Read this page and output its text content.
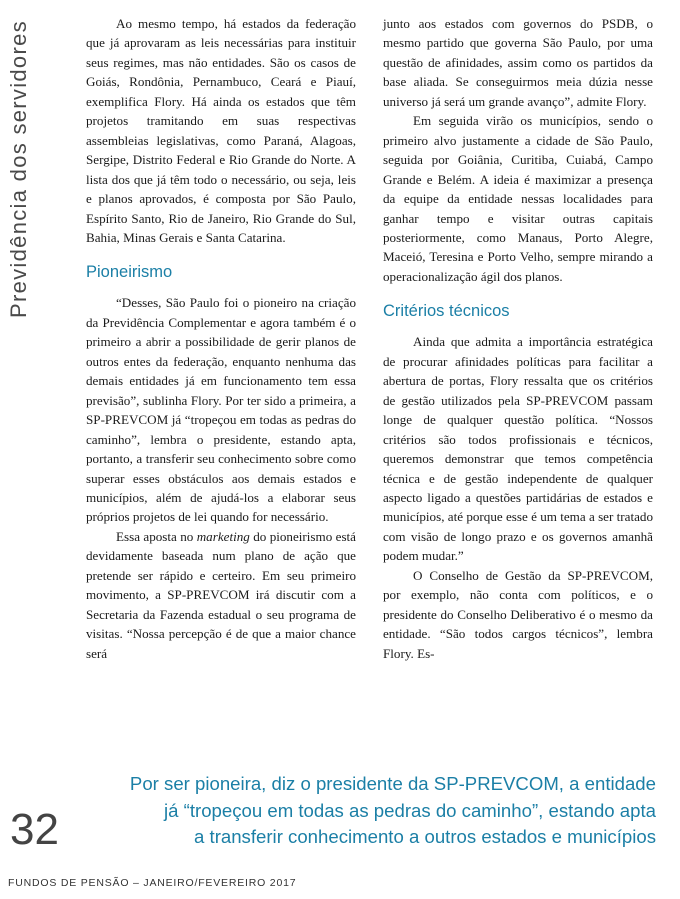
Previdência dos servidores	Ao mesmo tempo, há estados da federação que já aprovaram as leis necessárias para instituir seus regimes, mas não entidades. São os casos de Goiás, Rondônia, Pernambuco, Ceará e Piauí, exemplifica Flory. Há ainda os estados que têm projetos tramitando em suas respectivas assembleias legislativas, como Paraná, Alagoas, Sergipe, Distrito Federal e Rio Grande do Norte. A lista dos que já têm todo o necessário, ou seja, leis e planos aprovados, é composta por São Paulo, Espírito Santo, Rio de Janeiro, Rio Grande do Sul, Bahia, Minas Gerais e Santa Catarina.

Pioneirismo

“Desses, São Paulo foi o pioneiro na criação da Previdência Complementar e agora também é o primeiro a abrir a possibilidade de gerir planos de outros entes da federação, enquanto nenhuma das demais entidades já em funcionamento tem essa previsão”, sublinha Flory. Por ter sido a primeira, a SP-PREVCOM já “tropeçou em todas as pedras do caminho”, lembra o presidente, estando apta, portanto, a transferir seu conhecimento sobre como superar esses obstáculos aos demais estados e municípios, além de ajudá-los a elaborar seus próprios projetos de lei quando for necessário.

Essa aposta no marketing do pioneirismo está devidamente baseada num plano de ação que pretende ser rápido e certeiro. Em seu primeiro movimento, a SP-PREVCOM irá discutir com a Secretaria da Fazenda estadual o seu programa de visitas. “Nossa percepção é de que a maior chance será

junto aos estados com governos do PSDB, o mesmo partido que governa São Paulo, por uma questão de afinidades, assim como os partidos da base aliada. Se conseguirmos meia dúzia nesse universo já será um grande avanço”, admite Flory.

Em seguida virão os municípios, sendo o primeiro alvo justamente a cidade de São Paulo, seguida por Goiânia, Curitiba, Cuiabá, Campo Grande e Belém. A ideia é maximizar a presença da equipe da entidade nessas localidades para ganhar tempo e visitar outras capitais posteriormente, como Manaus, Porto Alegre, Maceió, Teresina e Porto Velho, sempre mirando a operacionalização ágil dos planos.

Critérios técnicos

Ainda que admita a importância estratégica de procurar afinidades políticas para facilitar a abertura de portas, Flory ressalta que os critérios de gestão utilizados pela SP-PREVCOM passam longe de qualquer questão política. “Nossos critérios são todos profissionais e técnicos, queremos demonstrar que temos competência técnica e de gestão independente de qualquer aspecto ligado a questões partidárias de estados e municípios, até porque esse é um tema a ser tratado com visão de longo prazo e os governos amanhã podem mudar.”

O Conselho de Gestão da SP-PREVCOM, por exemplo, não conta com políticos, e o presidente do Conselho Deliberativo é o mesmo da entidade. “São todos cargos técnicos”, lembra Flory. Es-

Por ser pioneira, diz o presidente da SP-PREVCOM, a entidade
já “tropeçou em todas as pedras do caminho”, estando apta
a transferir conhecimento a outros estados e municípios
32
FUNDOS DE PENSÃO – JANEIRO/FEVEREIRO 2017
